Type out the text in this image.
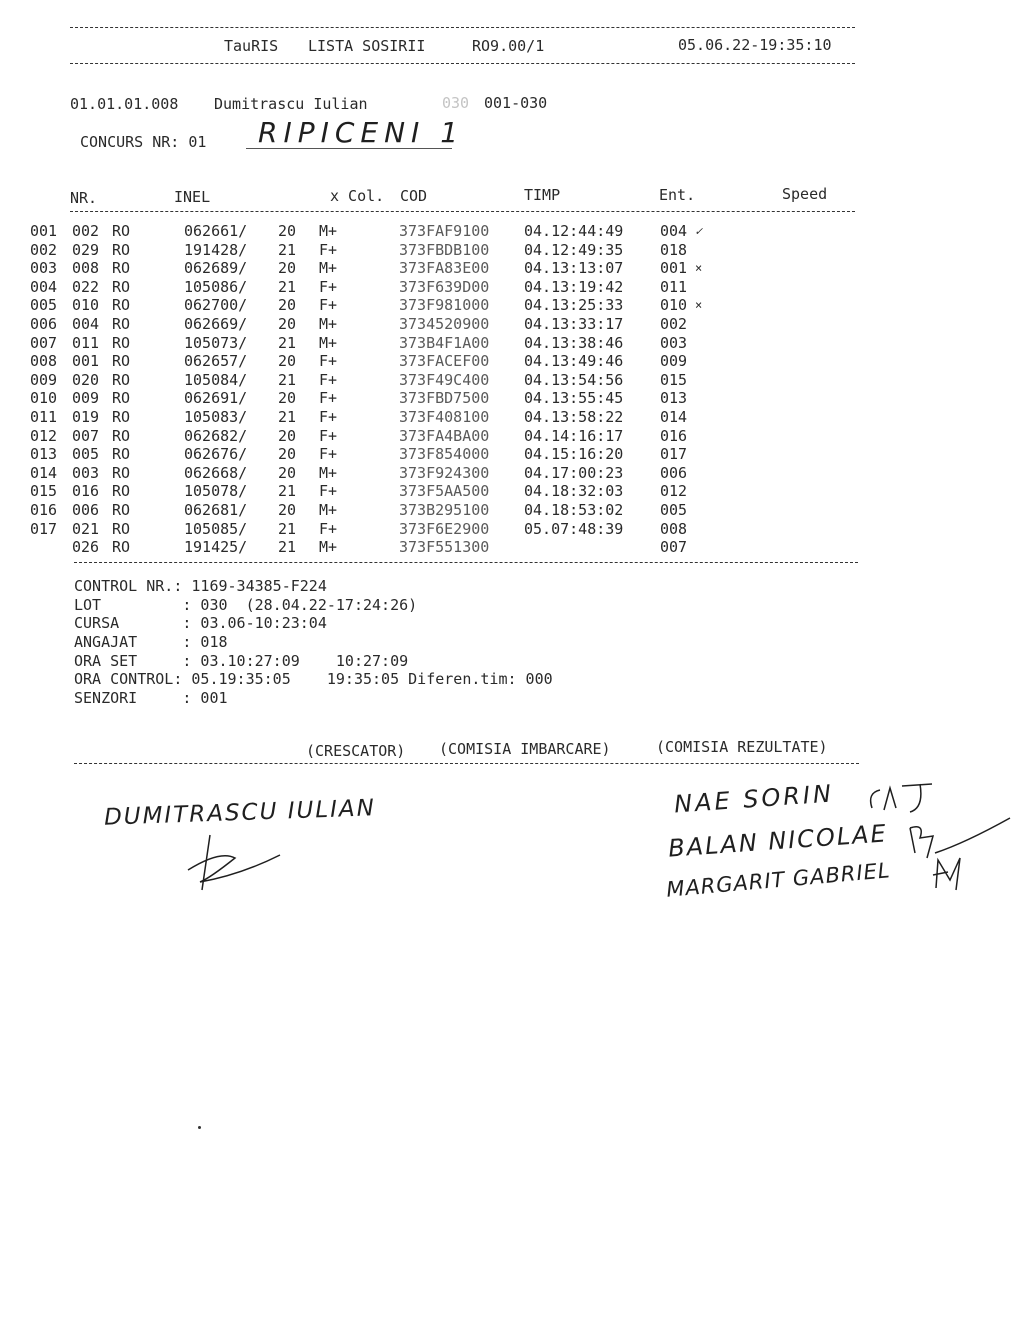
TauRIS LISTA SOSIRII	RO9.00/1	05.06.22-19:35:10
01.01.01.008 Dumitrascu Iulian	030 001-030
CONCURS NR: 01 RIPICENI 1
NR.	INEL	x Col. COD	TIMP	Ent.	Speed
001 002 RO	062661/ 20 M+	373FAF9100 04.12:44:49 004 ✓
002 029 RO	191428/ 21 F+	373FBDB100 04.12:49:35 018
003 008 RO	062689/ 20 M+	373FA83E00 04.13:13:07 001 ×
004 022 RO	105086/ 21 F+	373F639D00 04.13:19:42 011
005 010 RO	062700/ 20 F+	373F981000 04.13:25:33 010 ×
006 004 RO	062669/ 20 M+	3734520900 04.13:33:17 002
007 011 RO	105073/ 21 M+	373B4F1A00 04.13:38:46 003
008 001 RO	062657/ 20 F+	373FACEF00 04.13:49:46 009
009 020 RO	105084/ 21 F+	373F49C400 04.13:54:56 015
010 009 RO	062691/ 20 F+	373FBD7500 04.13:55:45 013
011 019 RO	105083/ 21 F+	373F408100 04.13:58:22 014
012 007 RO	062682/ 20 F+	373FA4BA00 04.14:16:17 016
013 005 RO	062676/ 20 F+	373F854000 04.15:16:20 017
014 003 RO	062668/ 20 M+	373F924300 04.17:00:23 006
015 016 RO	105078/ 21 F+	373F5AA500 04.18:32:03 012
016 006 RO	062681/ 20 M+	373B295100 04.18:53:02 005
017 021 RO	105085/ 21 F+	373F6E2900 05.07:48:39 008
026 RO	191425/ 21 M+	373F551300	007
CONTROL NR.: 1169-34385-F224
LOT         : 030  (28.04.22-17:24:26)
CURSA       : 03.06-10:23:04
ANGAJAT     : 018
ORA SET     : 03.10:27:09    10:27:09
ORA CONTROL: 05.19:35:05    19:35:05 Diferen.tim: 000
SENZORI     : 001
(CRESCATOR) (COMISIA IMBARCARE)	(COMISIA REZULTATE)
DUMITRASCU IULIAN	NAE SORIN
BALAN NICOLAE
MARGARIT GABRIEL
